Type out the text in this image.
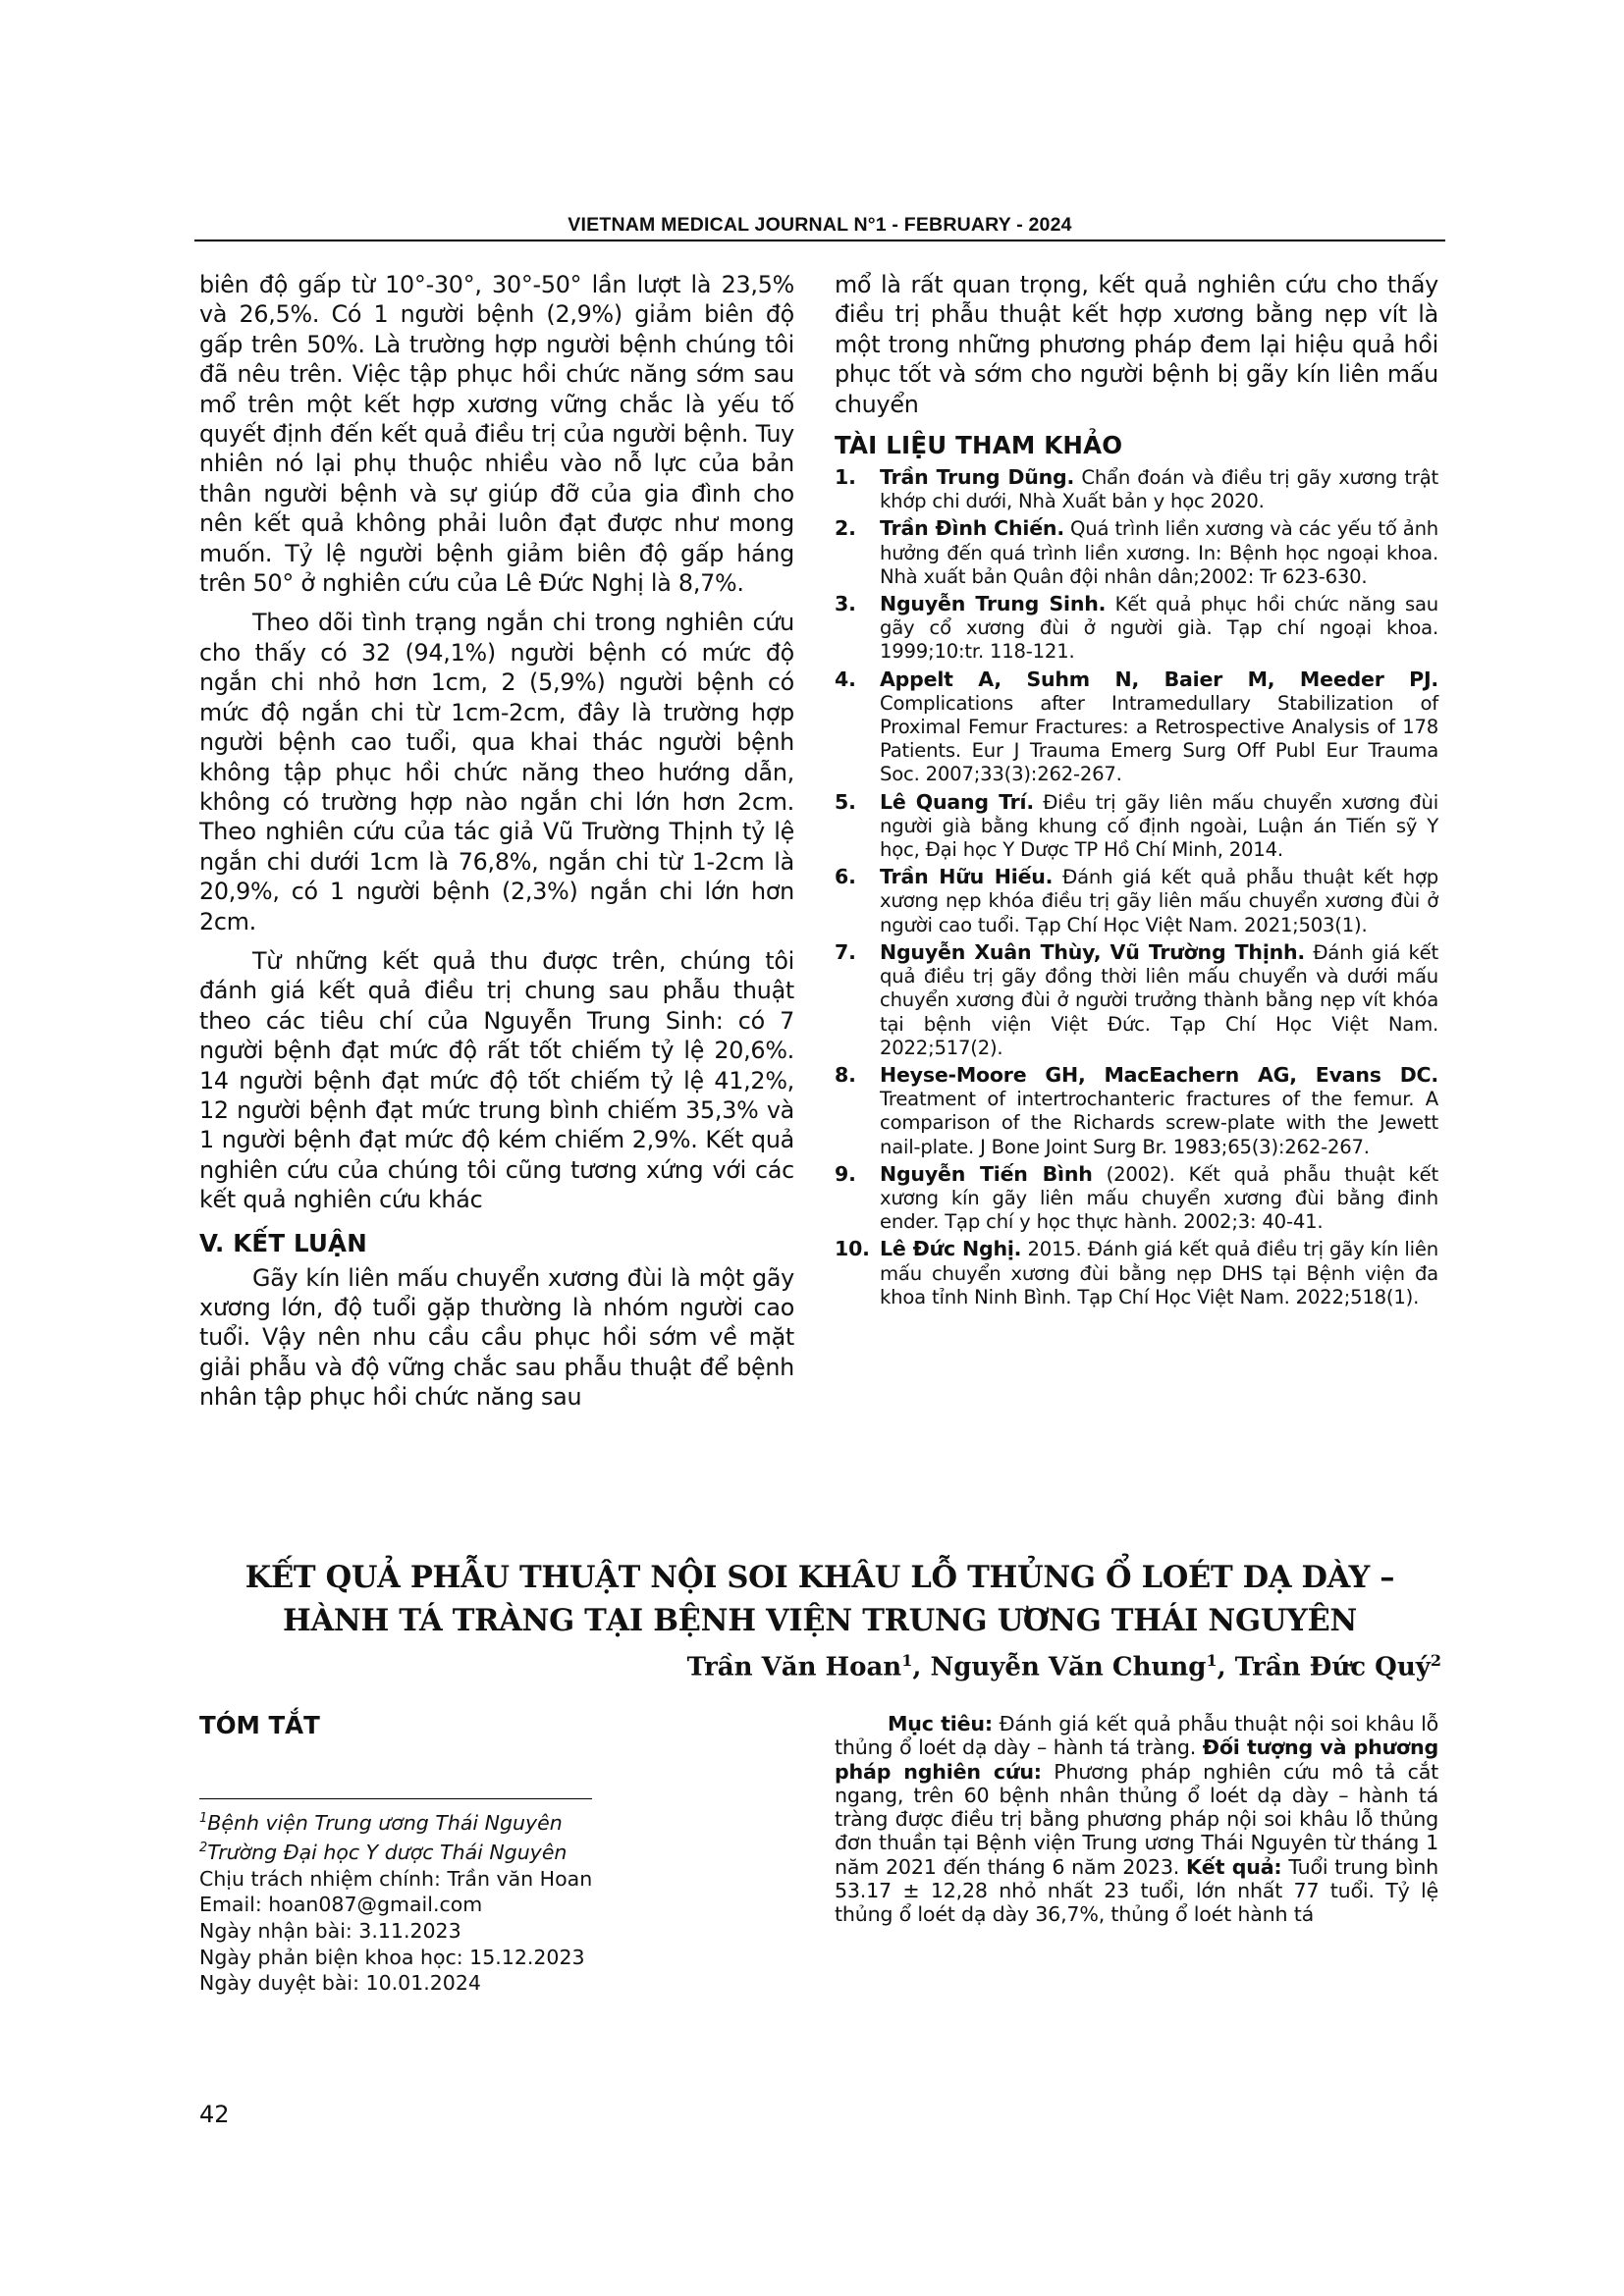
VIETNAM MEDICAL JOURNAL N°1 - FEBRUARY - 2024

biên độ gấp từ 10°-30°, 30°-50° lần lượt là 23,5% và 26,5%. Có 1 người bệnh (2,9%) giảm biên độ gấp trên 50%. Là trường hợp người bệnh chúng tôi đã nêu trên. Việc tập phục hồi chức năng sớm sau mổ trên một kết hợp xương vững chắc là yếu tố quyết định đến kết quả điều trị của người bệnh. Tuy nhiên nó lại phụ thuộc nhiều vào nỗ lực của bản thân người bệnh và sự giúp đỡ của gia đình cho nên kết quả không phải luôn đạt được như mong muốn. Tỷ lệ người bệnh giảm biên độ gấp háng trên 50° ở nghiên cứu của Lê Đức Nghị là 8,7%.

Theo dõi tình trạng ngắn chi trong nghiên cứu cho thấy có 32 (94,1%) người bệnh có mức độ ngắn chi nhỏ hơn 1cm, 2 (5,9%) người bệnh có mức độ ngắn chi từ 1cm-2cm, đây là trường hợp người bệnh cao tuổi, qua khai thác người bệnh không tập phục hồi chức năng theo hướng dẫn, không có trường hợp nào ngắn chi lớn hơn 2cm. Theo nghiên cứu của tác giả Vũ Trường Thịnh tỷ lệ ngắn chi dưới 1cm là 76,8%, ngắn chi từ 1-2cm là 20,9%, có 1 người bệnh (2,3%) ngắn chi lớn hơn 2cm.

Từ những kết quả thu được trên, chúng tôi đánh giá kết quả điều trị chung sau phẫu thuật theo các tiêu chí của Nguyễn Trung Sinh: có 7 người bệnh đạt mức độ rất tốt chiếm tỷ lệ 20,6%. 14 người bệnh đạt mức độ tốt chiếm tỷ lệ 41,2%, 12 người bệnh đạt mức trung bình chiếm 35,3% và 1 người bệnh đạt mức độ kém chiếm 2,9%. Kết quả nghiên cứu của chúng tôi cũng tương xứng với các kết quả nghiên cứu khác

V. KẾT LUẬN

Gãy kín liên mấu chuyển xương đùi là một gãy xương lớn, độ tuổi gặp thường là nhóm người cao tuổi. Vậy nên nhu cầu cầu phục hồi sớm về mặt giải phẫu và độ vững chắc sau phẫu thuật để bệnh nhân tập phục hồi chức năng sau

mổ là rất quan trọng, kết quả nghiên cứu cho thấy điều trị phẫu thuật kết hợp xương bằng nẹp vít là một trong những phương pháp đem lại hiệu quả hồi phục tốt và sớm cho người bệnh bị gãy kín liên mấu chuyển

TÀI LIỆU THAM KHẢO
1. Trần Trung Dũng. Chẩn đoán và điều trị gãy xương trật khớp chi dưới, Nhà Xuất bản y học 2020.
2. Trần Đình Chiến. Quá trình liền xương và các yếu tố ảnh hưởng đến quá trình liền xương. In: Bệnh học ngoại khoa. Nhà xuất bản Quân đội nhân dân;2002: Tr 623-630.
3. Nguyễn Trung Sinh. Kết quả phục hồi chức năng sau gãy cổ xương đùi ở người già. Tạp chí ngoại khoa. 1999;10:tr. 118-121.
4. Appelt A, Suhm N, Baier M, Meeder PJ. Complications after Intramedullary Stabilization of Proximal Femur Fractures: a Retrospective Analysis of 178 Patients. Eur J Trauma Emerg Surg Off Publ Eur Trauma Soc. 2007;33(3):262-267.
5. Lê Quang Trí. Điều trị gãy liên mấu chuyển xương đùi người già bằng khung cố định ngoài, Luận án Tiến sỹ Y học, Đại học Y Dược TP Hồ Chí Minh, 2014.
6. Trần Hữu Hiếu. Đánh giá kết quả phẫu thuật kết hợp xương nẹp khóa điều trị gãy liên mấu chuyển xương đùi ở người cao tuổi. Tạp Chí Học Việt Nam. 2021;503(1).
7. Nguyễn Xuân Thùy, Vũ Trường Thịnh. Đánh giá kết quả điều trị gãy đồng thời liên mấu chuyển và dưới mấu chuyển xương đùi ở người trưởng thành bằng nẹp vít khóa tại bệnh viện Việt Đức. Tạp Chí Học Việt Nam. 2022;517(2).
8. Heyse-Moore GH, MacEachern AG, Evans DC. Treatment of intertrochanteric fractures of the femur. A comparison of the Richards screw-plate with the Jewett nail-plate. J Bone Joint Surg Br. 1983;65(3):262-267.
9. Nguyễn Tiến Bình (2002). Kết quả phẫu thuật kết xương kín gãy liên mấu chuyển xương đùi bằng đinh ender. Tạp chí y học thực hành. 2002;3: 40-41.
10. Lê Đức Nghị. 2015. Đánh giá kết quả điều trị gãy kín liên mấu chuyển xương đùi bằng nẹp DHS tại Bệnh viện đa khoa tỉnh Ninh Bình. Tạp Chí Học Việt Nam. 2022;518(1).
KẾT QUẢ PHẪU THUẬT NỘI SOI KHÂU LỖ THỦNG Ổ LOÉT DẠ DÀY –
HÀNH TÁ TRÀNG TẠI BỆNH VIỆN TRUNG ƯƠNG THÁI NGUYÊN
Trần Văn Hoan$^1$, Nguyễn Văn Chung$^1$, Trần Đức Quý$^2$
TÓM TẮT
$^1$Bệnh viện Trung ương Thái Nguyên
$^2$Trường Đại học Y dược Thái Nguyên
Chịu trách nhiệm chính: Trần văn Hoan
Email: hoan087@gmail.com
Ngày nhận bài: 3.11.2023
Ngày phản biện khoa học: 15.12.2023
Ngày duyệt bài: 10.01.2024

Mục tiêu: Đánh giá kết quả phẫu thuật nội soi khâu lỗ thủng ổ loét dạ dày – hành tá tràng. Đối tượng và phương pháp nghiên cứu: Phương pháp nghiên cứu mô tả cắt ngang, trên 60 bệnh nhân thủng ổ loét dạ dày – hành tá tràng được điều trị bằng phương pháp nội soi khâu lỗ thủng đơn thuần tại Bệnh viện Trung ương Thái Nguyên từ tháng 1 năm 2021 đến tháng 6 năm 2023. Kết quả: Tuổi trung bình 53.17 ± 12,28 nhỏ nhất 23 tuổi, lớn nhất 77 tuổi. Tỷ lệ thủng ổ loét dạ dày 36,7%, thủng ổ loét hành tá

42
